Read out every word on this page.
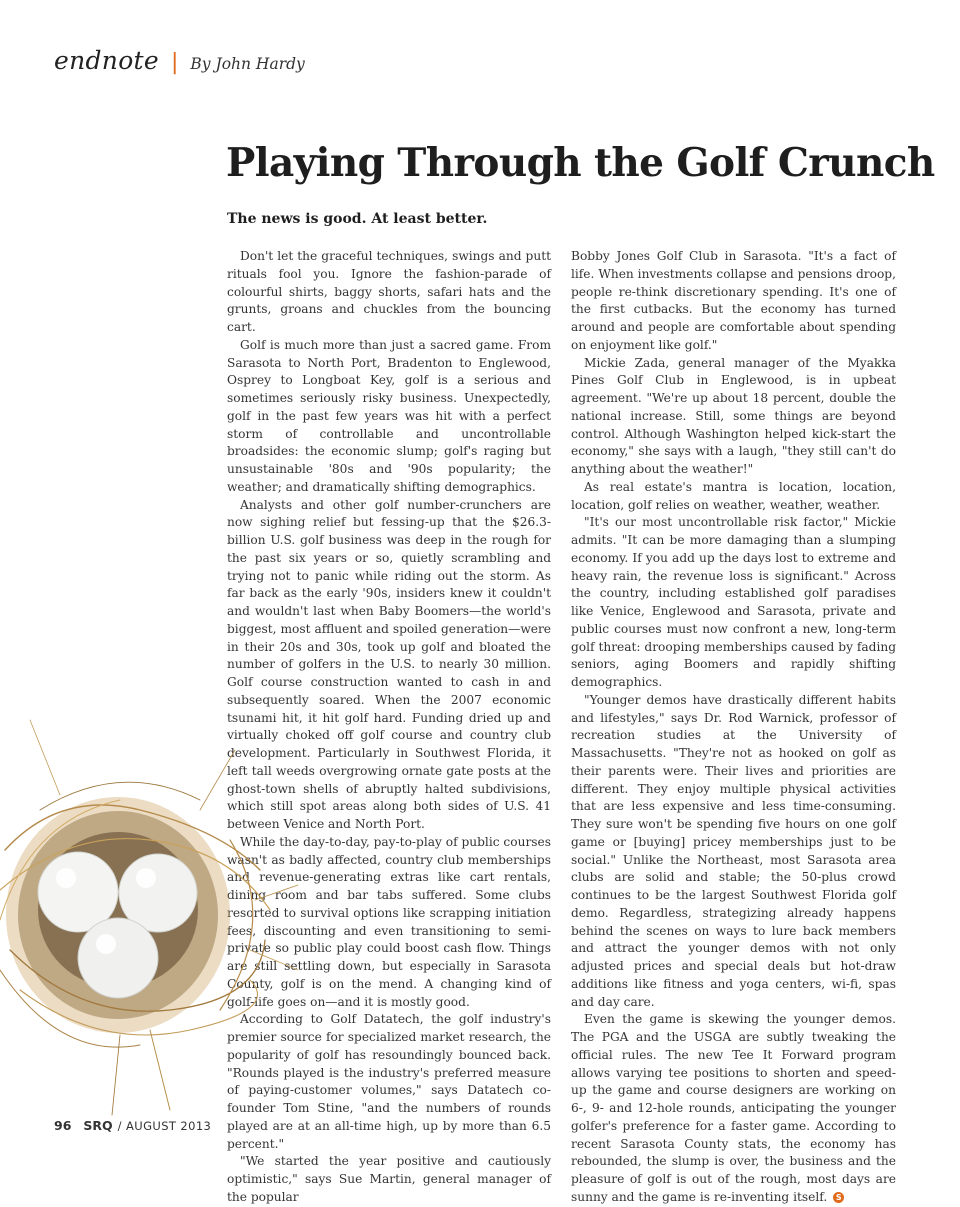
endnote | By John Hardy
Playing Through the Golf Crunch

The news is good. At least better.

Don't let the graceful techniques, swings and putt rituals fool you. Ignore the fashion-parade of colourful shirts, baggy shorts, safari hats and the grunts, groans and chuckles from the bouncing cart.

Golf is much more than just a sacred game. From Sarasota to North Port, Bradenton to Englewood, Osprey to Longboat Key, golf is a serious and sometimes seriously risky business. Unexpectedly, golf in the past few years was hit with a perfect storm of controllable and uncontrollable broadsides: the economic slump; golf's raging but unsustainable '80s and '90s popularity; the weather; and dramatically shifting demographics.

Analysts and other golf number-crunchers are now sighing relief but fessing-up that the $26.3-billion U.S. golf business was deep in the rough for the past six years or so, quietly scrambling and trying not to panic while riding out the storm. As far back as the early '90s, insiders knew it couldn't and wouldn't last when Baby Boomers—the world's biggest, most affluent and spoiled generation—were in their 20s and 30s, took up golf and bloated the number of golfers in the U.S. to nearly 30 million. Golf course construction wanted to cash in and subsequently soared. When the 2007 economic tsunami hit, it hit golf hard. Funding dried up and virtually choked off golf course and country club development. Particularly in Southwest Florida, it left tall weeds overgrowing ornate gate posts at the ghost-town shells of abruptly halted subdivisions, which still spot areas along both sides of U.S. 41 between Venice and North Port.

While the day-to-day, pay-to-play of public courses wasn't as badly affected, country club memberships and revenue-generating extras like cart rentals, dining room and bar tabs suffered. Some clubs resorted to survival options like scrapping initiation fees, discounting and even transitioning to semi-private so public play could boost cash flow. Things are still settling down, but especially in Sarasota County, golf is on the mend. A changing kind of golf-life goes on—and it is mostly good.

According to Golf Datatech, the golf industry's premier source for specialized market research, the popularity of golf has resoundingly bounced back. "Rounds played is the industry's preferred measure of paying-customer volumes," says Datatech co-founder Tom Stine, "and the numbers of rounds played are at an all-time high, up by more than 6.5 percent."

"We started the year positive and cautiously optimistic," says Sue Martin, general manager of the popular

Bobby Jones Golf Club in Sarasota. "It's a fact of life. When investments collapse and pensions droop, people re-think discretionary spending. It's one of the first cutbacks. But the economy has turned around and people are comfortable about spending on enjoyment like golf."

Mickie Zada, general manager of the Myakka Pines Golf Club in Englewood, is in upbeat agreement. "We're up about 18 percent, double the national increase. Still, some things are beyond control. Although Washington helped kick-start the economy," she says with a laugh, "they still can't do anything about the weather!"

As real estate's mantra is location, location, location, golf relies on weather, weather, weather.

"It's our most uncontrollable risk factor," Mickie admits. "It can be more damaging than a slumping economy. If you add up the days lost to extreme and heavy rain, the revenue loss is significant." Across the country, including established golf paradises like Venice, Englewood and Sarasota, private and public courses must now confront a new, long-term golf threat: drooping memberships caused by fading seniors, aging Boomers and rapidly shifting demographics.

"Younger demos have drastically different habits and lifestyles," says Dr. Rod Warnick, professor of recreation studies at the University of Massachusetts. "They're not as hooked on golf as their parents were. Their lives and priorities are different. They enjoy multiple physical activities that are less expensive and less time-consuming. They sure won't be spending five hours on one golf game or [buying] pricey memberships just to be social." Unlike the Northeast, most Sarasota area clubs are solid and stable; the 50-plus crowd continues to be the largest Southwest Florida golf demo. Regardless, strategizing already happens behind the scenes on ways to lure back members and attract the younger demos with not only adjusted prices and special deals but hot-draw additions like fitness and yoga centers, wi-fi, spas and day care.

Even the game is skewing the younger demos. The PGA and the USGA are subtly tweaking the official rules. The new Tee It Forward program allows varying tee positions to shorten and speed-up the game and course designers are working on 6-, 9- and 12-hole rounds, anticipating the younger golfer's preference for a faster game. According to recent Sarasota County stats, the economy has rebounded, the slump is over, the business and the pleasure of golf is out of the rough, most days are sunny and the game is re-inventing itself. S

96 SRQ / AUGUST 2013
